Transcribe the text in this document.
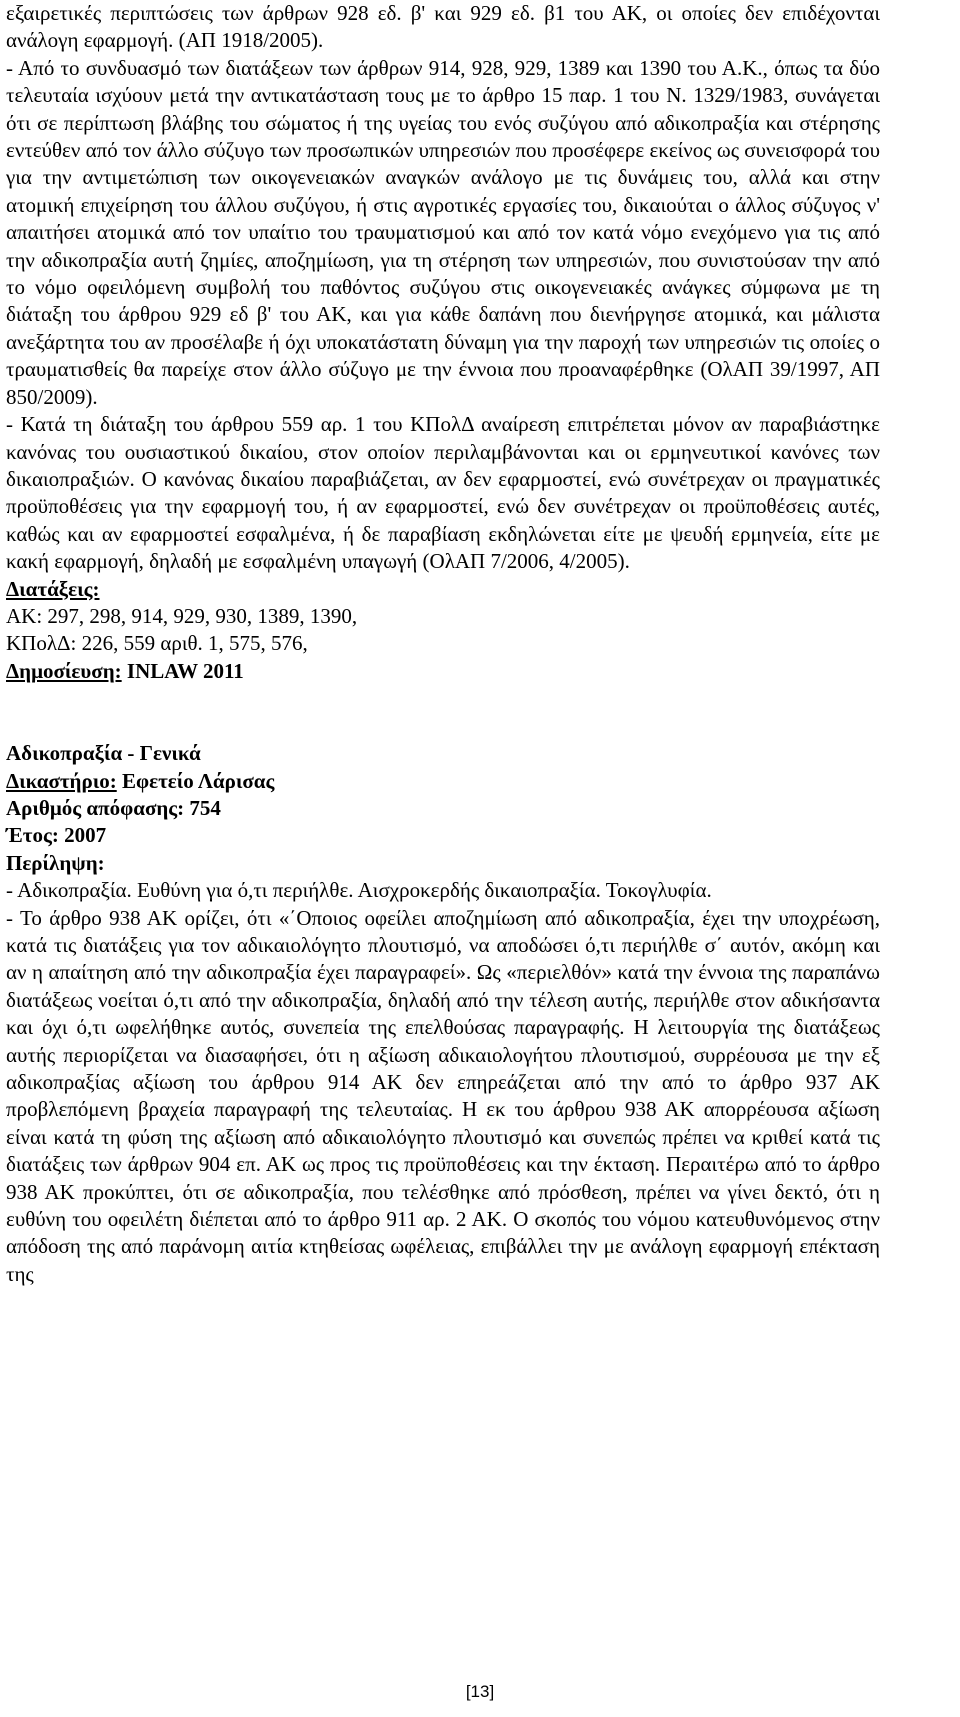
εξαιρετικές περιπτώσεις των άρθρων 928 εδ. β' και 929 εδ. β1 του ΑΚ, οι οποίες δεν επιδέχονται ανάλογη εφαρμογή. (ΑΠ 1918/2005).

- Από το συνδυασμό των διατάξεων των άρθρων 914, 928, 929, 1389 και 1390 του Α.Κ., όπως τα δύο τελευταία ισχύουν μετά την αντικατάσταση τους με το άρθρο 15 παρ. 1 του Ν. 1329/1983, συνάγεται ότι σε περίπτωση βλάβης του σώματος ή της υγείας του ενός συζύγου από αδικοπραξία και στέρησης εντεύθεν από τον άλλο σύζυγο των προσωπικών υπηρεσιών που προσέφερε εκείνος ως συνεισφορά του για την αντιμετώπιση των οικογενειακών αναγκών ανάλογο με τις δυνάμεις του, αλλά και στην ατομική επιχείρηση του άλλου συζύγου, ή στις αγροτικές εργασίες του, δικαιούται ο άλλος σύζυγος ν' απαιτήσει ατομικά από τον υπαίτιο του τραυματισμού και από τον κατά νόμο ενεχόμενο για τις από την αδικοπραξία αυτή ζημίες, αποζημίωση, για τη στέρηση των υπηρεσιών, που συνιστούσαν την από το νόμο οφειλόμενη συμβολή του παθόντος συζύγου στις οικογενειακές ανάγκες σύμφωνα με τη διάταξη του άρθρου 929 εδ β' του ΑΚ, και για κάθε δαπάνη που διενήργησε ατομικά, και μάλιστα ανεξάρτητα του αν προσέλαβε ή όχι υποκατάστατη δύναμη για την παροχή των υπηρεσιών τις οποίες ο τραυματισθείς θα παρείχε στον άλλο σύζυγο με την έννοια που προαναφέρθηκε (ΟλΑΠ 39/1997, ΑΠ 850/2009).

- Κατά τη διάταξη του άρθρου 559 αρ. 1 του ΚΠολΔ αναίρεση επιτρέπεται μόνον αν παραβιάστηκε κανόνας του ουσιαστικού δικαίου, στον οποίον περιλαμβάνονται και οι ερμηνευτικοί κανόνες των δικαιοπραξιών. Ο κανόνας δικαίου παραβιάζεται, αν δεν εφαρμοστεί, ενώ συνέτρεχαν οι πραγματικές προϋποθέσεις για την εφαρμογή του, ή αν εφαρμοστεί, ενώ δεν συνέτρεχαν οι προϋποθέσεις αυτές, καθώς και αν εφαρμοστεί εσφαλμένα, ή δε παραβίαση εκδηλώνεται είτε με ψευδή ερμηνεία, είτε με κακή εφαρμογή, δηλαδή με εσφαλμένη υπαγωγή (ΟλΑΠ 7/2006, 4/2005).

Διατάξεις:

ΑΚ: 297, 298, 914, 929, 930, 1389, 1390,

ΚΠολΔ: 226, 559 αριθ. 1, 575, 576,

Δημοσίευση: INLAW 2011

Αδικοπραξία - Γενικά

Δικαστήριο: Εφετείο Λάρισας

Αριθμός απόφασης: 754

Έτος: 2007

Περίληψη:

- Αδικοπραξία. Ευθύνη για ό,τι περιήλθε. Αισχροκερδής δικαιοπραξία. Τοκογλυφία.

- Το άρθρο 938 ΑΚ ορίζει, ότι «΄Οποιος οφείλει αποζημίωση από αδικοπραξία, έχει την υποχρέωση, κατά τις διατάξεις για τον αδικαιολόγητο πλουτισμό, να αποδώσει ό,τι περιήλθε σ΄ αυτόν, ακόμη και αν η απαίτηση από την αδικοπραξία έχει παραγραφεί». Ως «περιελθόν» κατά την έννοια της παραπάνω διατάξεως νοείται ό,τι από την αδικοπραξία, δηλαδή από την τέλεση αυτής, περιήλθε στον αδικήσαντα και όχι ό,τι ωφελήθηκε αυτός, συνεπεία της επελθούσας παραγραφής. Η λειτουργία της διατάξεως αυτής περιορίζεται να διασαφήσει, ότι η αξίωση αδικαιολογήτου πλουτισμού, συρρέουσα με την εξ αδικοπραξίας αξίωση του άρθρου 914 ΑΚ δεν επηρεάζεται από την από το άρθρο 937 ΑΚ προβλεπόμενη βραχεία παραγραφή της τελευταίας. Η εκ του άρθρου 938 ΑΚ απορρέουσα αξίωση είναι κατά τη φύση της αξίωση από αδικαιολόγητο πλουτισμό και συνεπώς πρέπει να κριθεί κατά τις διατάξεις των άρθρων 904 επ. ΑΚ ως προς τις προϋποθέσεις και την έκταση. Περαιτέρω από το άρθρο 938 ΑΚ προκύπτει, ότι σε αδικοπραξία, που τελέσθηκε από πρόσθεση, πρέπει να γίνει δεκτό, ότι η ευθύνη του οφειλέτη διέπεται από το άρθρο 911 αρ. 2 ΑΚ. Ο σκοπός του νόμου κατευθυνόμενος στην απόδοση της από παράνομη αιτία κτηθείσας ωφέλειας, επιβάλλει την με ανάλογη εφαρμογή επέκταση της

[13]
